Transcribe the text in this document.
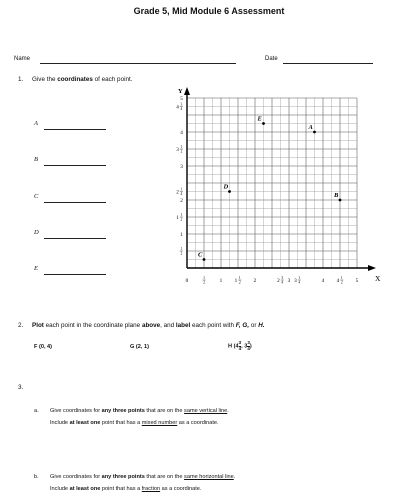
Grade 5, Mid Module 6 Assessment
Name	Date
1. Give the coordinates of each point.
A
B
C
D
E
Y
X
0	1
2	1 1 1
2 2	2 3
4 3 3 1
4	4 4 1
2 5
5
4 3
4
4
3 1
2
3
2 1
4
2
1 1
2
1
1
2
A
B
C
D
E
2. Plot each point in the coordinate plane above, and label each point with F, G, or H.
F (0, 4)	G (2, 1)	H ($4 \frac{3}{4}$ , $3 \frac{3}{4}$ )
3.
a. Give coordinates for any three points that are on the same vertical line.
Include at least one point that has a mixed number as a coordinate.
b. Give coordinates for any three points that are on the same horizontal line.
Include at least one point that has a fraction as a coordinate.
